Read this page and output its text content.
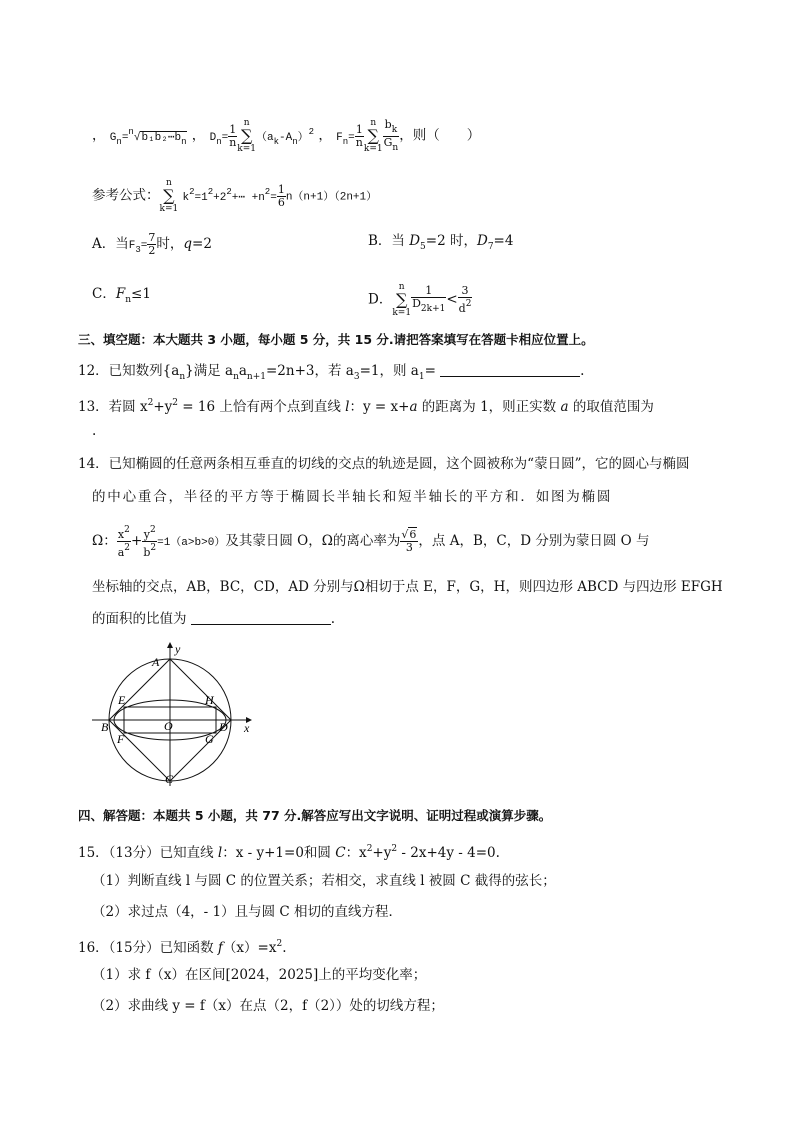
， $G_n=^n√b_1b_2\cdots b_n$ ， $D_n= \frac{1}{n}$
n
∑
$k=1(a_k-A_n)^2$ ， $F_n= \frac{1}{n}$
n
∑
$k=1 \frac{b_k}{G_n}$ ，则（　　）
参考公式：n
∑
k=1 $k^2=1^2+2^2+\cdots +n^2= \frac{1}{6} n(n+1)(2n+1)$
A．当$F_3= \frac{7}{2}$ 时，q=2	B．当 $D_5=2$ 时，$D_7=4$
C．$F_n\le 1$	D．n
∑
$k=1 \frac{1}{D_{2k+1}} < \frac{3}{d^2}$
三、填空题：本大题共 3 小题，每小题 5 分，共 15 分.请把答案填写在答题卡相应位置上。
12．已知数列$\{a_n\}$满足 $a_na_{n+1}=2n+3$，若 $a_3=1$，则 $a_1=$	.
13．若圆 $x^2+y^2 = 16$ 上恰有两个点到直线 l：y = x+a 的距离为 1，则正实数 a 的取值范围为
.
14．已知椭圆的任意两条相互垂直的切线的交点的轨迹是圆，这个圆被称为“蒙日圆”，它的圆心与椭圆
的中心重合，半径的平方等于椭圆长半轴长和短半轴长的平方和．如图为椭圆
Ω： $\frac{x^2}{a^2} + \frac{y^2}{b^2} =1(a>b>0)$及其蒙日圆 O，Ω的离心率为 $\frac{√6}{3}$ ，点 A，B，C，D 分别为蒙日圆 O 与
坐标轴的交点，AB，BC，CD，AD 分别与Ω相切于点 E，F，G，H，则四边形 ABCD 与四边形 EFGH
的面积的比值为	.
A
y
E	H
O
B	D x
F	G
C
四、解答题：本题共 5 小题，共 77 分.解答应写出文字说明、证明过程或演算步骤。
15．（13分）已知直线 l：x - y+1=0和圆 C：$x^2+y^2 - 2x+4y - 4=0$.
（1）判断直线 l 与圆 C 的位置关系；若相交，求直线 l 被圆 C 截得的弦长；
（2）求过点（4，- 1）且与圆 C 相切的直线方程．
16．（15分）已知函数 $f(x)=x^2$.
（1）求 f（x）在区间[2024，2025]上的平均变化率；
（2）求曲线 y = f（x）在点（2，f（2））处的切线方程；
